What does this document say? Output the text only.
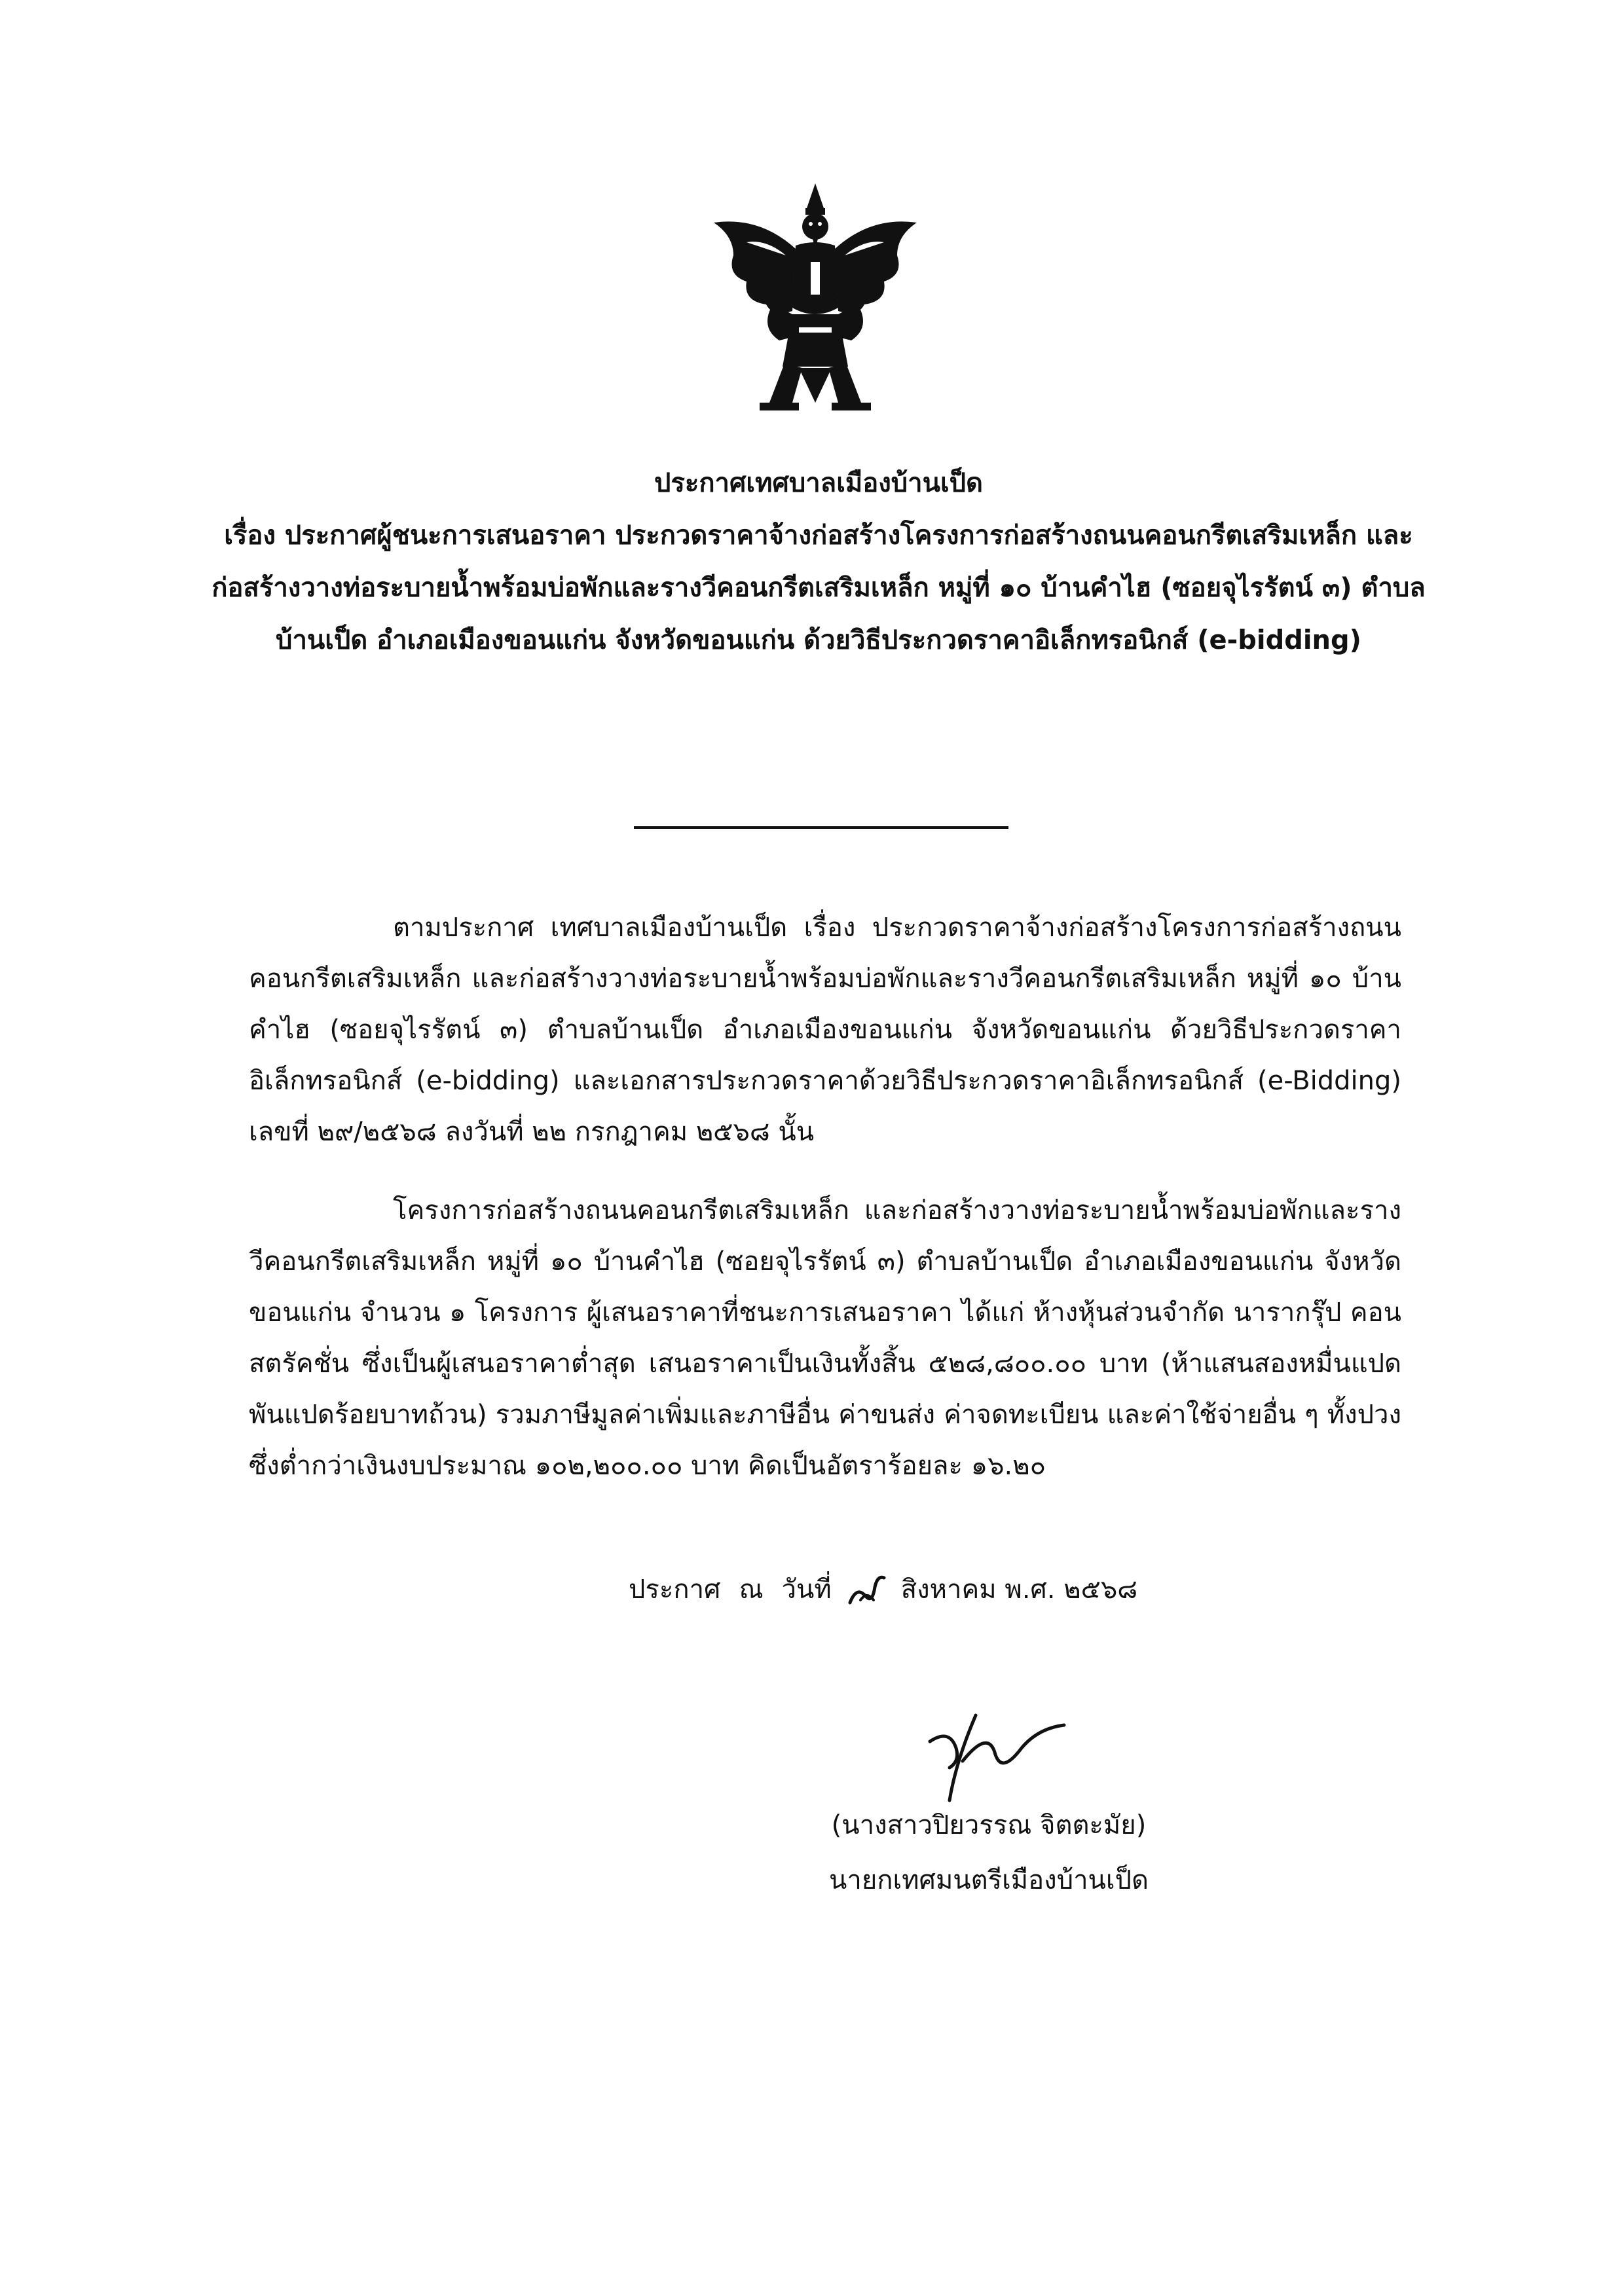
ประกาศเทศบาลเมืองบ้านเป็ด
เรื่อง ประกาศผู้ชนะการเสนอราคา ประกวดราคาจ้างก่อสร้างโครงการก่อสร้างถนนคอนกรีตเสริมเหล็ก และก่อสร้างวางท่อระบายน้ำพร้อมบ่อพักและรางวีคอนกรีตเสริมเหล็ก หมู่ที่ ๑๐ บ้านคำไฮ (ซอยจุไรรัตน์ ๓) ตำบลบ้านเป็ด อำเภอเมืองขอนแก่น จังหวัดขอนแก่น ด้วยวิธีประกวดราคาอิเล็กทรอนิกส์ (e-bidding)

ตามประกาศ เทศบาลเมืองบ้านเป็ด เรื่อง ประกวดราคาจ้างก่อสร้างโครงการก่อสร้างถนนคอนกรีตเสริมเหล็ก และก่อสร้างวางท่อระบายน้ำพร้อมบ่อพักและรางวีคอนกรีตเสริมเหล็ก หมู่ที่ ๑๐ บ้านคำไฮ (ซอยจุไรรัตน์ ๓) ตำบลบ้านเป็ด อำเภอเมืองขอนแก่น จังหวัดขอนแก่น ด้วยวิธีประกวดราคาอิเล็กทรอนิกส์ (e-bidding) และเอกสารประกวดราคาด้วยวิธีประกวดราคาอิเล็กทรอนิกส์ (e-Bidding) เลขที่ ๒๙/๒๕๖๘ ลงวันที่ ๒๒ กรกฎาคม ๒๕๖๘ นั้น

โครงการก่อสร้างถนนคอนกรีตเสริมเหล็ก และก่อสร้างวางท่อระบายน้ำพร้อมบ่อพักและรางวีคอนกรีตเสริมเหล็ก หมู่ที่ ๑๐ บ้านคำไฮ (ซอยจุไรรัตน์ ๓) ตำบลบ้านเป็ด อำเภอเมืองขอนแก่น จังหวัดขอนแก่น จำนวน ๑ โครงการ ผู้เสนอราคาที่ชนะการเสนอราคา ได้แก่ ห้างหุ้นส่วนจำกัด นารากรุ๊ป คอนสตรัคชั่น ซึ่งเป็นผู้เสนอราคาต่ำสุด เสนอราคาเป็นเงินทั้งสิ้น ๕๒๘,๘๐๐.๐๐ บาท (ห้าแสนสองหมื่นแปดพันแปดร้อยบาทถ้วน) รวมภาษีมูลค่าเพิ่มและภาษีอื่น ค่าขนส่ง ค่าจดทะเบียน และค่าใช้จ่ายอื่น ๆ ทั้งปวง ซึ่งต่ำกว่าเงินงบประมาณ ๑๐๒,๒๐๐.๐๐ บาท คิดเป็นอัตราร้อยละ ๑๖.๒๐

ประกาศ ณ วันที่	สิงหาคม พ.ศ. ๒๕๖๘
(นางสาวปิยวรรณ จิตตะมัย)
นายกเทศมนตรีเมืองบ้านเป็ด
